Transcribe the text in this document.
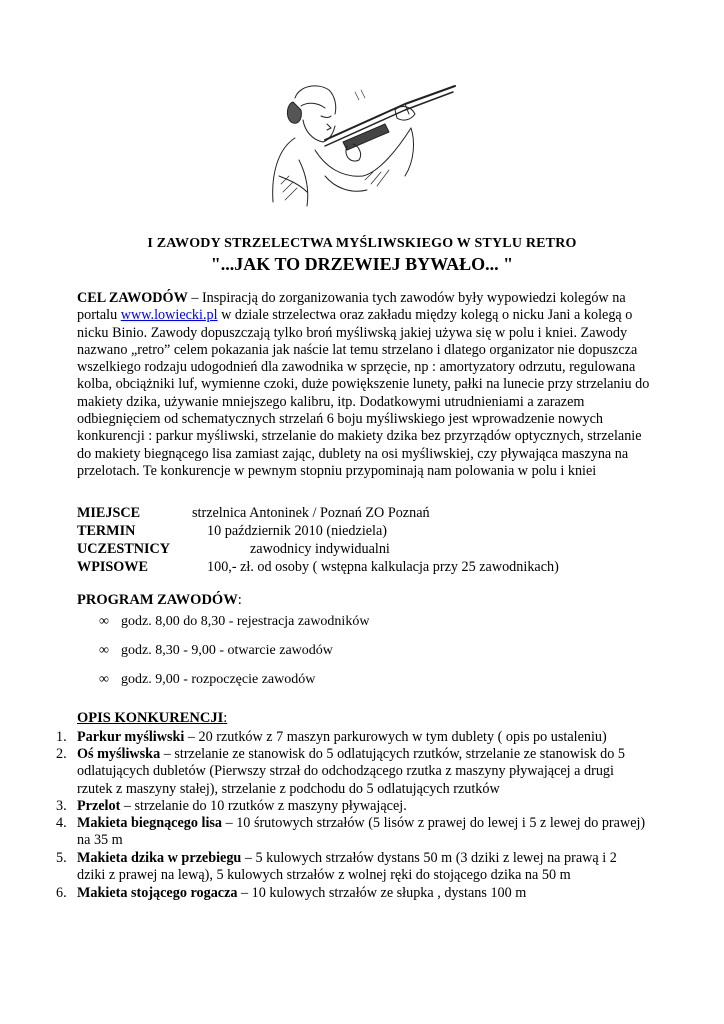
I ZAWODY STRZELECTWA MYŚLIWSKIEGO W STYLU RETRO
"...JAK TO DRZEWIEJ BYWAŁO... "
CEL ZAWODÓW – Inspiracją do zorganizowania tych zawodów były wypowiedzi kolegów na portalu www.lowiecki.pl w dziale strzelectwa oraz zakładu między kolegą o nicku Jani a kolegą o nicku Binio. Zawody dopuszczają tylko broń myśliwską jakiej używa się w polu i kniei. Zawody nazwano „retro” celem pokazania jak naście lat temu strzelano i dlatego organizator nie dopuszcza wszelkiego rodzaju udogodnień dla zawodnika w sprzęcie, np : amortyzatory odrzutu, regulowana kolba, obciążniki luf, wymienne czoki, duże powiększenie lunety, pałki na lunecie przy strzelaniu do makiety dzika, używanie mniejszego kalibru, itp. Dodatkowymi utrudnieniami a zarazem odbiegnięciem od schematycznych strzelań 6 boju myśliwskiego jest wprowadzenie nowych konkurencji : parkur myśliwski, strzelanie do makiety dzika bez przyrządów optycznych, strzelanie do makiety biegnącego lisa zamiast zając, dublety na osi myśliwskiej, czy pływająca maszyna na przelotach. Te konkurencje w pewnym stopniu przypominają nam polowania w polu i kniei
MIEJSCE	strzelnica Antoninek / Poznań ZO Poznań
TERMIN	10 październik 2010 (niedziela)
UCZESTNICY	zawodnicy indywidualni
WPISOWE	100,- zł. od osoby ( wstępna kalkulacja przy 25 zawodnikach)
PROGRAM ZAWODÓW:
∞ godz. 8,00 do 8,30 - rejestracja zawodników
∞ godz. 8,30 - 9,00 - otwarcie zawodów
∞ godz. 9,00 - rozpoczęcie zawodów
OPIS KONKURENCJI:
1. Parkur myśliwski – 20 rzutków z 7 maszyn parkurowych w tym dublety ( opis po ustaleniu)
2. Oś myśliwska – strzelanie ze stanowisk do 5 odlatujących rzutków, strzelanie ze stanowisk do 5 odlatujących dubletów (Pierwszy strzał do odchodzącego rzutka z maszyny pływającej a drugi rzutek z maszyny stałej), strzelanie z podchodu do 5 odlatujących rzutków
3. Przelot – strzelanie do 10 rzutków z maszyny pływającej.
4. Makieta biegnącego lisa – 10 śrutowych strzałów (5 lisów z prawej do lewej i 5 z lewej do prawej) na 35 m
5. Makieta dzika w przebiegu – 5 kulowych strzałów dystans 50 m (3 dziki z lewej na prawą i 2 dziki z prawej na lewą), 5 kulowych strzałów z wolnej ręki do stojącego dzika na 50 m
6. Makieta stojącego rogacza – 10 kulowych strzałów ze słupka , dystans 100 m
